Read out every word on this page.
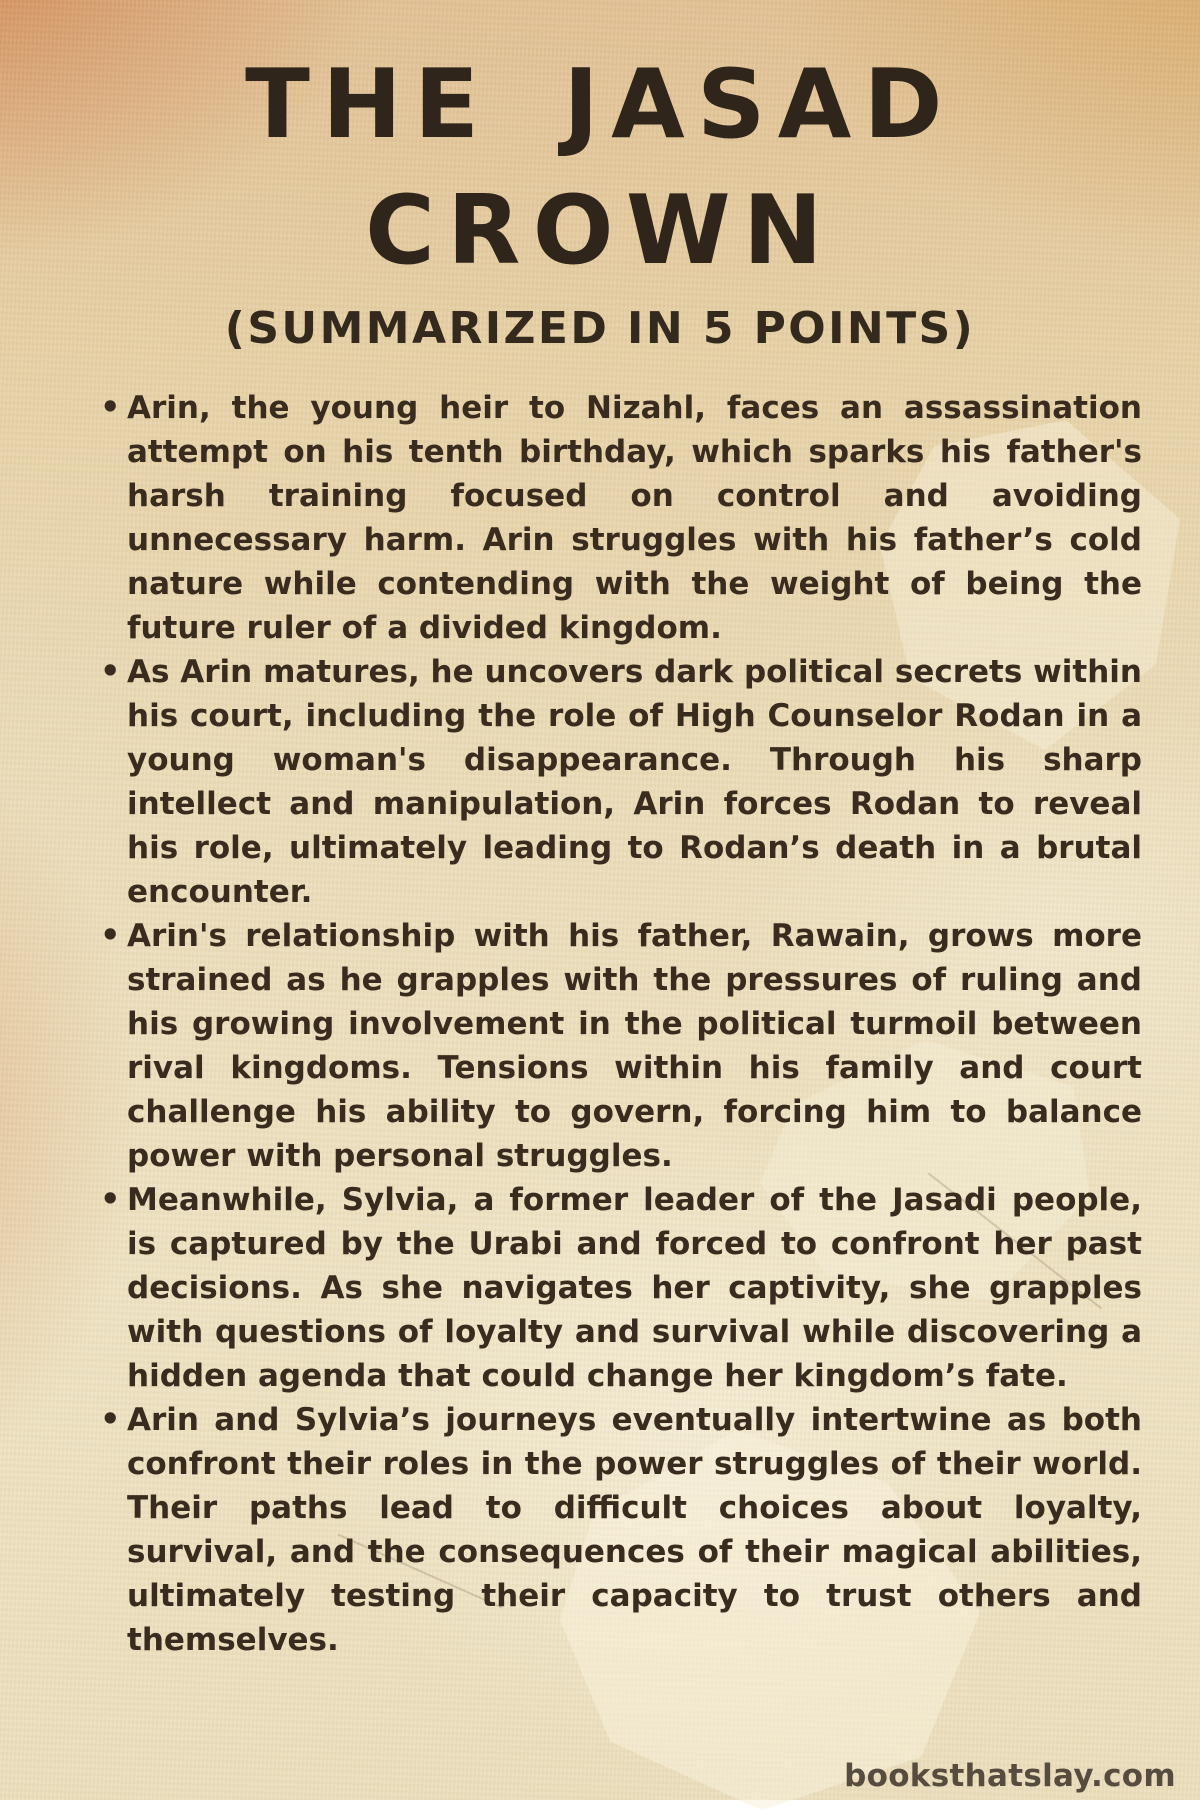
THE JASAD
CROWN

(SUMMARIZED IN 5 POINTS)

• Arin, the young heir to Nizahl, faces an assassination attempt on his tenth birthday, which sparks his father's harsh training focused on control and avoiding unnecessary harm. Arin struggles with his father’s cold nature while contending with the weight of being the future ruler of a divided kingdom.
• As Arin matures, he uncovers dark political secrets within his court, including the role of High Counselor Rodan in a young woman's disappearance. Through his sharp intellect and manipulation, Arin forces Rodan to reveal his role, ultimately leading to Rodan’s death in a brutal encounter.
• Arin's relationship with his father, Rawain, grows more strained as he grapples with the pressures of ruling and his growing involvement in the political turmoil between rival kingdoms. Tensions within his family and court challenge his ability to govern, forcing him to balance power with personal struggles.
• Meanwhile, Sylvia, a former leader of the Jasadi people, is captured by the Urabi and forced to confront her past decisions. As she navigates her captivity, she grapples with questions of loyalty and survival while discovering a hidden agenda that could change her kingdom’s fate.
• Arin and Sylvia’s journeys eventually intertwine as both confront their roles in the power struggles of their world. Their paths lead to difficult choices about loyalty, survival, and the consequences of their magical abilities, ultimately testing their capacity to trust others and themselves.
booksthatslay.com
